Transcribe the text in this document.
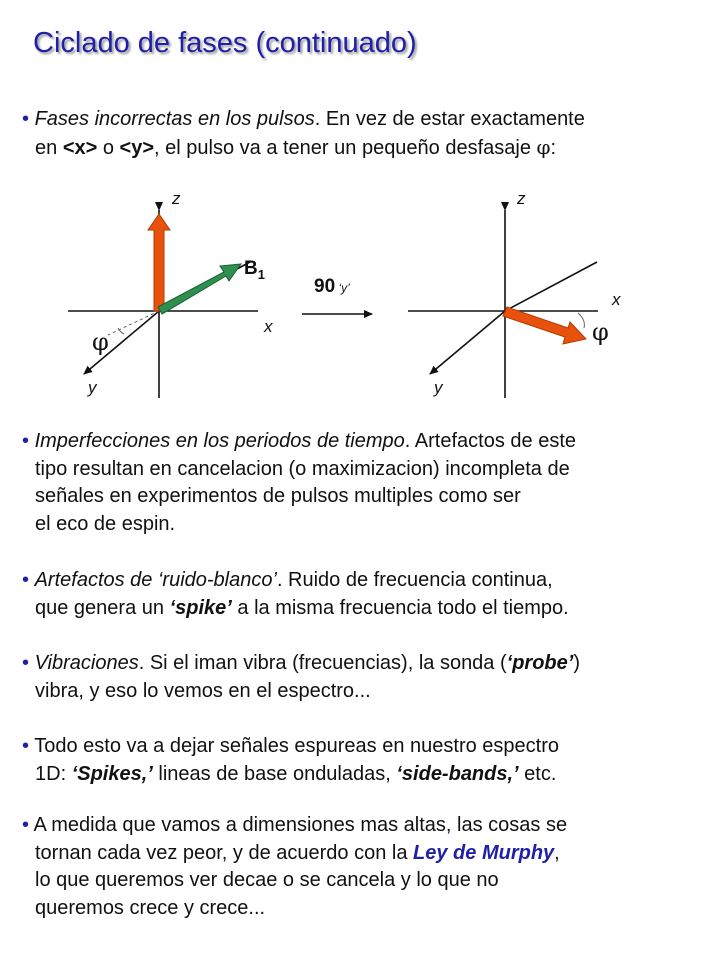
Ciclado de fases (continuado)
• Fases incorrectas en los pulsos. En vez de estar exactamente
en <x> o <y>, el pulso va a tener un pequeño desfasaje φ:
z
x
y
φ
$B_1$
90 ‘y’
z
x
y
φ
• Imperfecciones en los periodos de tiempo. Artefactos de este
tipo resultan en cancelacion (o maximizacion) incompleta de
señales en experimentos de pulsos multiples como ser
el eco de espin.
• Artefactos de ‘ruido-blanco’. Ruido de frecuencia continua,
que genera un ‘spike’ a la misma frecuencia todo el tiempo.
• Vibraciones. Si el iman vibra (frecuencias), la sonda (‘probe’)
vibra, y eso lo vemos en el espectro...
• Todo esto va a dejar señales espureas en nuestro espectro
1D: ‘Spikes,’ lineas de base onduladas, ‘side-bands,’ etc.
• A medida que vamos a dimensiones mas altas, las cosas se
tornan cada vez peor, y de acuerdo con la Ley de Murphy,
lo que queremos ver decae o se cancela y lo que no
queremos crece y crece...
